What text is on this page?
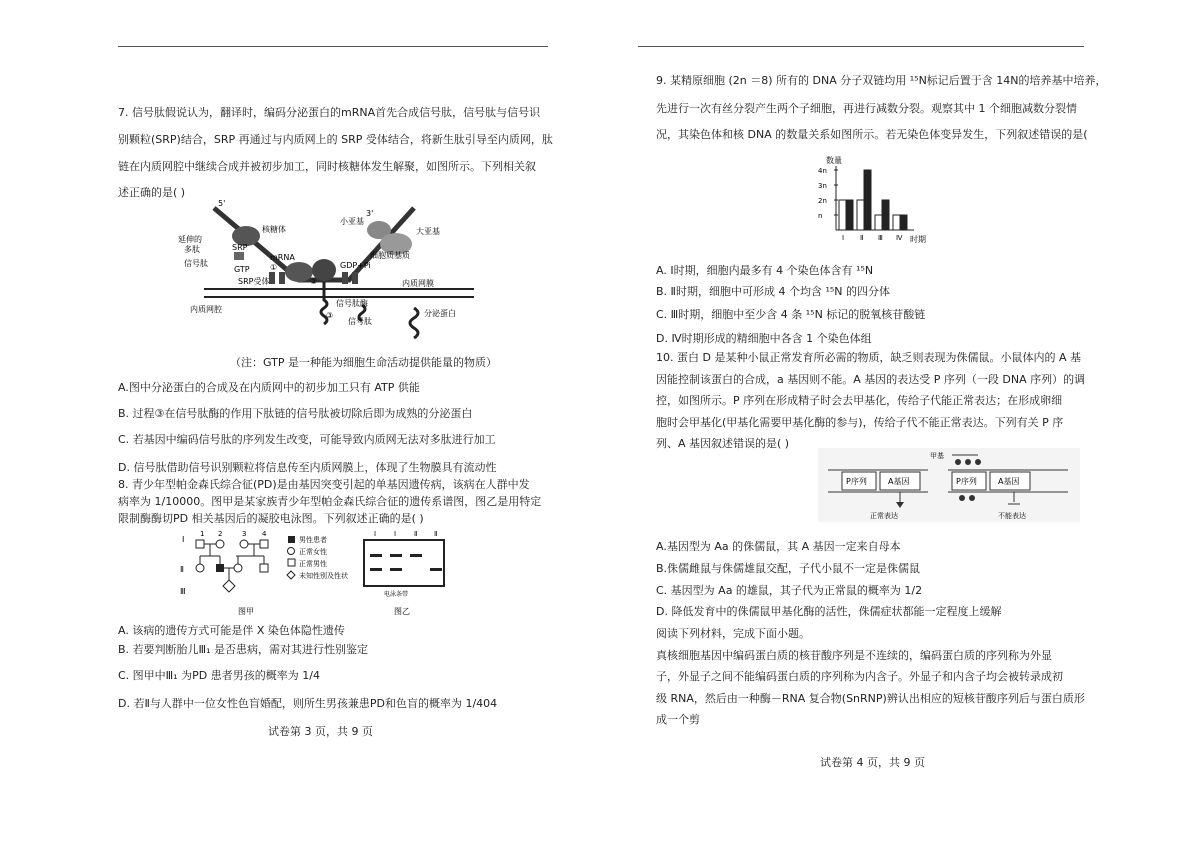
7. 信号肽假说认为，翻译时，编码分泌蛋白的mRNA首先合成信号肽，信号肽与信号识
别颗粒(SRP)结合，SRP 再通过与内质网上的 SRP 受体结合，将新生肽引导至内质网，肽
链在内质网腔中继续合成并被初步加工，同时核糖体发生解聚，如图所示。下列相关叙
述正确的是( )
5'
核糖体
小亚基
3'
大亚基
延伸的
多肽
信号肽
SRP
GTP
mRNA
GDP+Pi
细胞质基质
SRP受体	内质网膜
内质网腔
信号肽酶
信号肽
分泌蛋白
①
②
③
（注：GTP 是一种能为细胞生命活动提供能量的物质）
A.图中分泌蛋白的合成及在内质网中的初步加工只有 ATP 供能
B. 过程③在信号肽酶的作用下肽链的信号肽被切除后即为成熟的分泌蛋白
C. 若基因中编码信号肽的序列发生改变，可能导致内质网无法对多肽进行加工
D. 信号肽借助信号识别颗粒将信息传至内质网膜上，体现了生物膜具有流动性
8. 青少年型帕金森氏综合征(PD)是由基因突变引起的单基因遗传病，该病在人群中发
病率为 1/10000。图甲是某家族青少年型帕金森氏综合征的遗传系谱图，图乙是用特定
限制酶酶切PD 相关基因后的凝胶电泳图。下列叙述正确的是( )
Ⅰ
Ⅱ
Ⅲ
1 2	3 4
男性患者
正常女性
正常男性
未知性别及性状
图甲
Ⅰ	Ⅰ	Ⅱ Ⅱ
电泳条带
图乙
A. 该病的遗传方式可能是伴 X 染色体隐性遗传
B. 若要判断胎儿Ⅲ₁ 是否患病，需对其进行性别鉴定
C. 图甲中Ⅲ₁ 为PD 患者男孩的概率为 1/4
D. 若Ⅱ与人群中一位女性色盲婚配，则所生男孩兼患PD和色盲的概率为 1/404
试卷第 3 页，共 9 页
9. 某精原细胞 (2n ＝8) 所有的 DNA 分子双链均用 ¹⁵N标记后置于含 14N的培养基中培养，
先进行一次有丝分裂产生两个子细胞，再进行减数分裂。观察其中 1 个细胞减数分裂情
况，其染色体和核 DNA 的数量关系如图所示。若无染色体变异发生，下列叙述错误的是(
数量
时期
n
2n
3n
4n
Ⅰ Ⅱ Ⅲ Ⅳ
A. Ⅰ时期，细胞内最多有 4 个染色体含有 ¹⁵N
B. Ⅱ时期，细胞中可形成 4 个均含 ¹⁵N 的四分体
C. Ⅲ时期，细胞中至少含 4 条 ¹⁵N 标记的脱氧核苷酸链
D. Ⅳ时期形成的精细胞中各含 1 个染色体组
10. 蛋白 D 是某种小鼠正常发育所必需的物质，缺乏则表现为侏儒鼠。小鼠体内的 A 基
因能控制该蛋白的合成，a 基因则不能。A 基因的表达受 P 序列（一段 DNA 序列）的调
控，如图所示。P 序列在形成精子时会去甲基化，传给子代能正常表达；在形成卵细
胞时会甲基化(甲基化需要甲基化酶的参与)，传给子代不能正常表达。下列有关 P 序
列、A 基因叙述错误的是( )
P序列	A基因
正常表达
甲基
P序列	A基因
不能表达
A.基因型为 Aa 的侏儒鼠，其 A 基因一定来自母本
B.侏儒雌鼠与侏儒雄鼠交配，子代小鼠不一定是侏儒鼠
C. 基因型为 Aa 的雄鼠，其子代为正常鼠的概率为 1/2
D. 降低发育中的侏儒鼠甲基化酶的活性，侏儒症状都能一定程度上缓解
阅读下列材料，完成下面小题。
真核细胞基因中编码蛋白质的核苷酸序列是不连续的，编码蛋白质的序列称为外显
子，外显子之间不能编码蛋白质的序列称为内含子。外显子和内含子均会被转录成初
级 RNA，然后由一种酶－RNA 复合物(SnRNP)辨认出相应的短核苷酸序列后与蛋白质形
成一个剪
试卷第 4 页，共 9 页
